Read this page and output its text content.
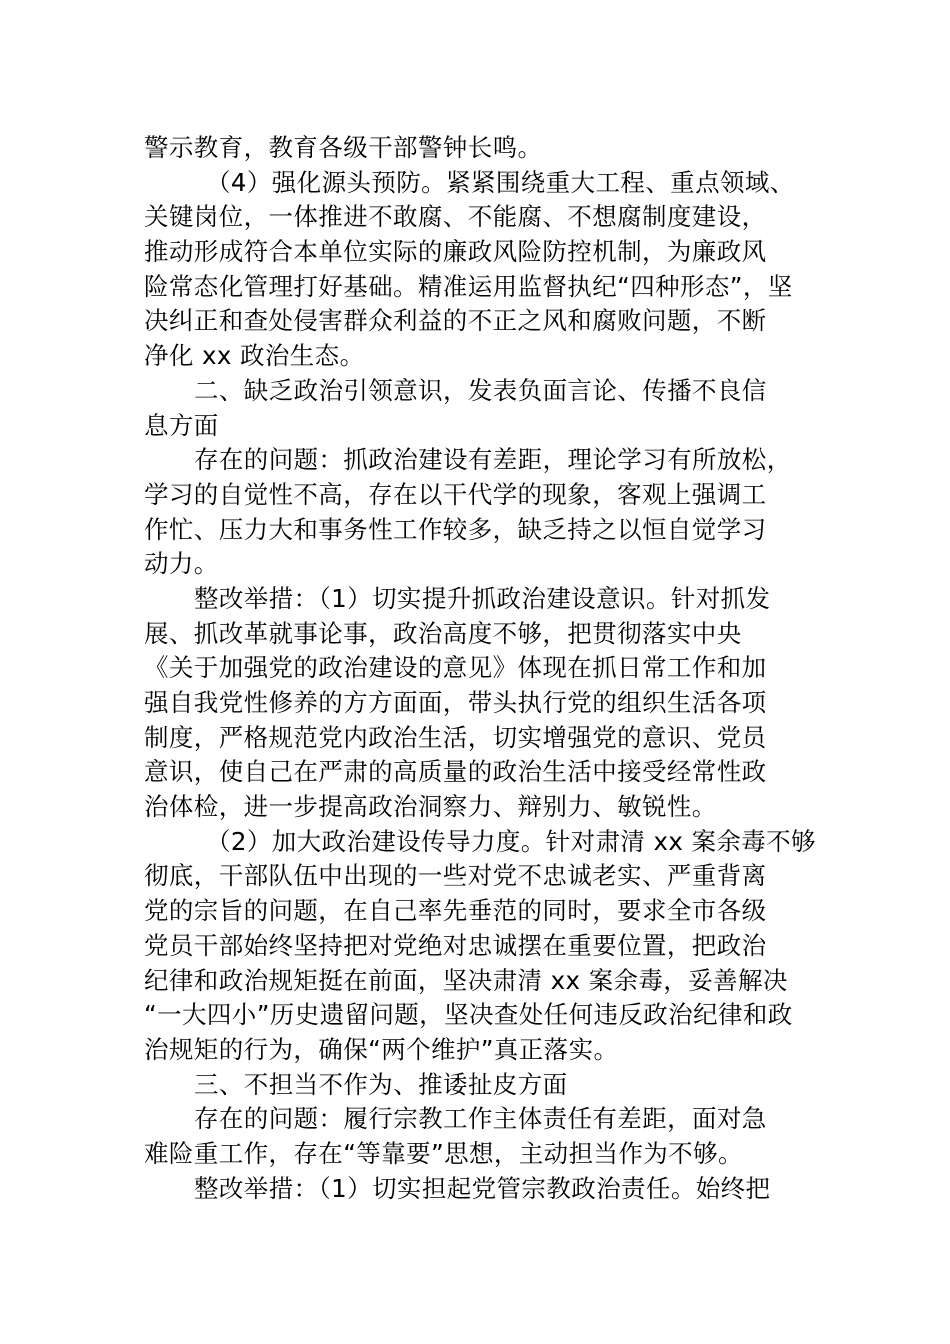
警示教育，教育各级干部警钟长鸣。
（4）强化源头预防。紧紧围绕重大工程、重点领域、
关键岗位，一体推进不敢腐、不能腐、不想腐制度建设，
推动形成符合本单位实际的廉政风险防控机制，为廉政风
险常态化管理打好基础。精准运用监督执纪“四种形态”，坚
决纠正和查处侵害群众利益的不正之风和腐败问题，不断
净化 xx 政治生态。
二、缺乏政治引领意识，发表负面言论、传播不良信
息方面
存在的问题：抓政治建设有差距，理论学习有所放松，
学习的自觉性不高，存在以干代学的现象，客观上强调工
作忙、压力大和事务性工作较多，缺乏持之以恒自觉学习
动力。
整改举措：（1）切实提升抓政治建设意识。针对抓发
展、抓改革就事论事，政治高度不够，把贯彻落实中央
《关于加强党的政治建设的意见》体现在抓日常工作和加
强自我党性修养的方方面面，带头执行党的组织生活各项
制度，严格规范党内政治生活，切实增强党的意识、党员
意识，使自己在严肃的高质量的政治生活中接受经常性政
治体检，进一步提高政治洞察力、辩别力、敏锐性。
（2）加大政治建设传导力度。针对肃清 xx 案余毒不够
彻底，干部队伍中出现的一些对党不忠诚老实、严重背离
党的宗旨的问题，在自己率先垂范的同时，要求全市各级
党员干部始终坚持把对党绝对忠诚摆在重要位置，把政治
纪律和政治规矩挺在前面，坚决肃清 xx 案余毒，妥善解决
“一大四小”历史遗留问题，坚决查处任何违反政治纪律和政
治规矩的行为，确保“两个维护”真正落实。
三、不担当不作为、推诿扯皮方面
存在的问题：履行宗教工作主体责任有差距，面对急
难险重工作，存在“等靠要”思想，主动担当作为不够。
整改举措：（1）切实担起党管宗教政治责任。始终把
